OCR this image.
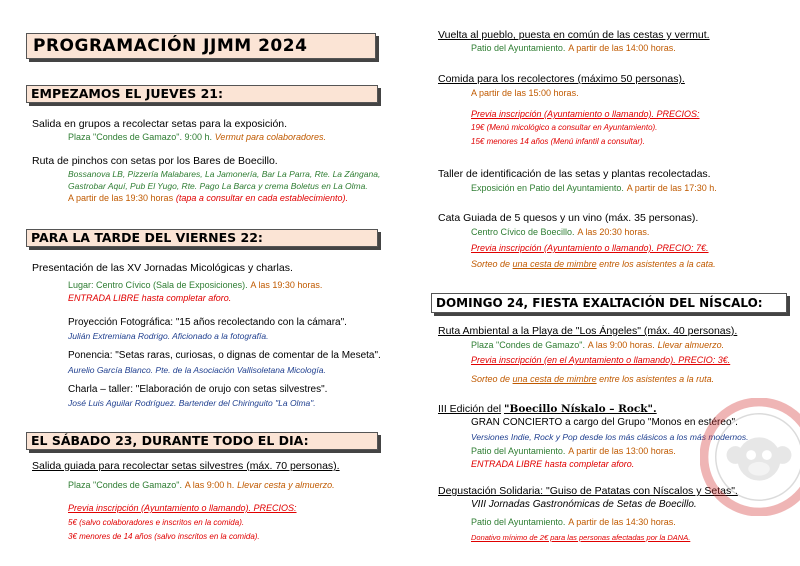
PROGRAMACIÓN JJMM 2024
EMPEZAMOS EL JUEVES 21:
Salida en grupos a recolectar setas para la exposición.
Plaza "Condes de Gamazo". 9:00 h. Vermut para colaboradores.
Ruta de pinchos con setas por los Bares de Boecillo.
Bossanova LB, Pizzería Malabares, La Jamonería, Bar La Parra, Rte. La Zángana,
Gastrobar Aquí, Pub El Yugo, Rte. Pago La Barca y crema Boletus en La Olma.
A partir de las 19:30 horas (tapa a consultar en cada establecimiento).
PARA LA TARDE DEL VIERNES 22:
Presentación de las XV Jornadas Micológicas y charlas.
Lugar: Centro Cívico (Sala de Exposiciones). A las 19:30 horas.
ENTRADA LIBRE hasta completar aforo.
Proyección Fotográfica: "15 años recolectando con la cámara".
Julián Extremiana Rodrigo. Aficionado a la fotografía.
Ponencia: "Setas raras, curiosas, o dignas de comentar de la Meseta".
Aurelio García Blanco. Pte. de la Asociación Vallisoletana Micología.
Charla – taller: "Elaboración de orujo con setas silvestres".
José Luis Aguilar Rodríguez. Bartender del Chiringuito "La Olma".
EL SÁBADO 23, DURANTE TODO EL DIA:
Salida guiada para recolectar setas silvestres (máx. 70 personas).
Plaza "Condes de Gamazo". A las 9:00 h. Llevar cesta y almuerzo.
Previa inscripción (Ayuntamiento o llamando). PRECIOS:
5€ (salvo colaboradores e inscritos en la comida).
3€ menores de 14 años (salvo inscritos en la comida).
Vuelta al pueblo, puesta en común de las cestas y vermut.
Patio del Ayuntamiento. A partir de las 14:00 horas.
Comida para los recolectores (máximo 50 personas).
A partir de las 15:00 horas.
Previa inscripción (Ayuntamiento o llamando). PRECIOS:
19€ (Menú micológico a consultar en Ayuntamiento).
15€ menores 14 años (Menú infantil a consultar).
Taller de identificación de las setas y plantas recolectadas.
Exposición en Patio del Ayuntamiento. A partir de las 17:30 h.
Cata Guiada de 5 quesos y un vino (máx. 35 personas).
Centro Cívico de Boecillo. A las 20:30 horas.
Previa inscripción (Ayuntamiento o llamando). PRECIO: 7€.
Sorteo de una cesta de mimbre entre los asistentes a la cata.
DOMINGO 24, FIESTA EXALTACIÓN DEL NÍSCALO:
Ruta Ambiental a la Playa de "Los Ángeles" (máx. 40 personas).
Plaza "Condes de Gamazo". A las 9:00 horas. Llevar almuerzo.
Previa inscripción (en el Ayuntamiento o llamando). PRECIO: 3€.
Sorteo de una cesta de mimbre entre los asistentes a la ruta.
III Edición del "Boecillo Nískalo – Rock".
GRAN CONCIERTO a cargo del Grupo "Monos en estéreo".
Versiones Indie, Rock y Pop desde los más clásicos a los más modernos.
Patio del Ayuntamiento. A partir de las 13:00 horas.
ENTRADA LIBRE hasta completar aforo.
Degustación Solidaria: "Guiso de Patatas con Níscalos y Setas".
VIII Jornadas Gastronómicas de Setas de Boecillo.
Patio del Ayuntamiento. A partir de las 14:30 horas.
Donativo mínimo de 2€ para las personas afectadas por la DANA.
